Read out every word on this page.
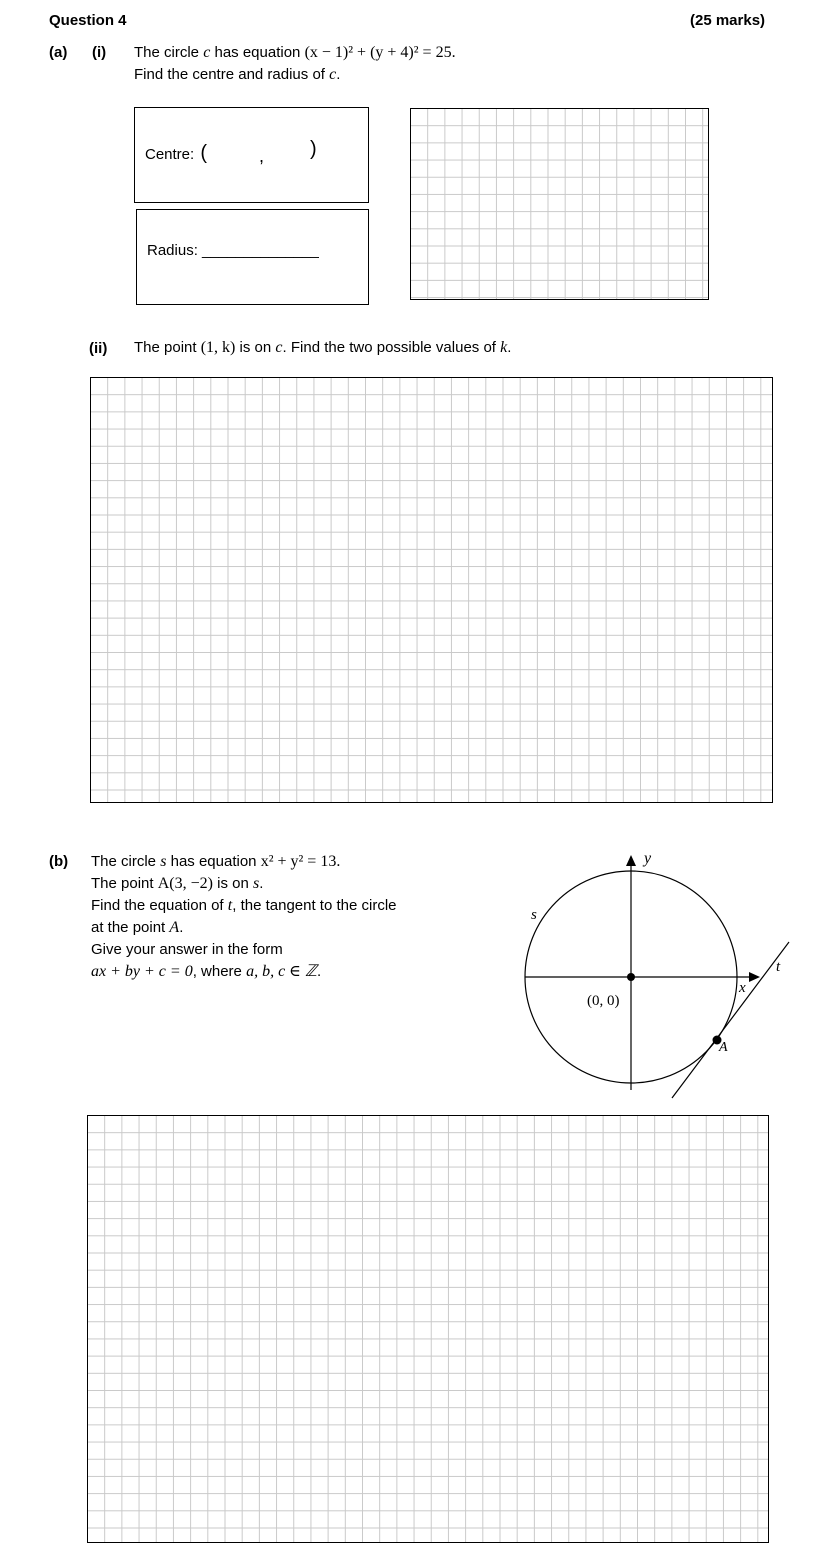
Question 4	(25 marks)
(a) (i) The circle c has equation (x − 1)² + (y + 4)² = 25.
Find the centre and radius of c.
Centre: (	, )
Radius: ______________
(ii) The point (1, k) is on c. Find the two possible values of k.
(b) The circle s has equation x² + y² = 13.
The point A(3, −2) is on s.
Find the equation of t, the tangent to the circle
at the point A.
Give your answer in the form
ax + by + c = 0, where a, b, c ∈ ℤ.
y
x
s
t
A
(0, 0)
